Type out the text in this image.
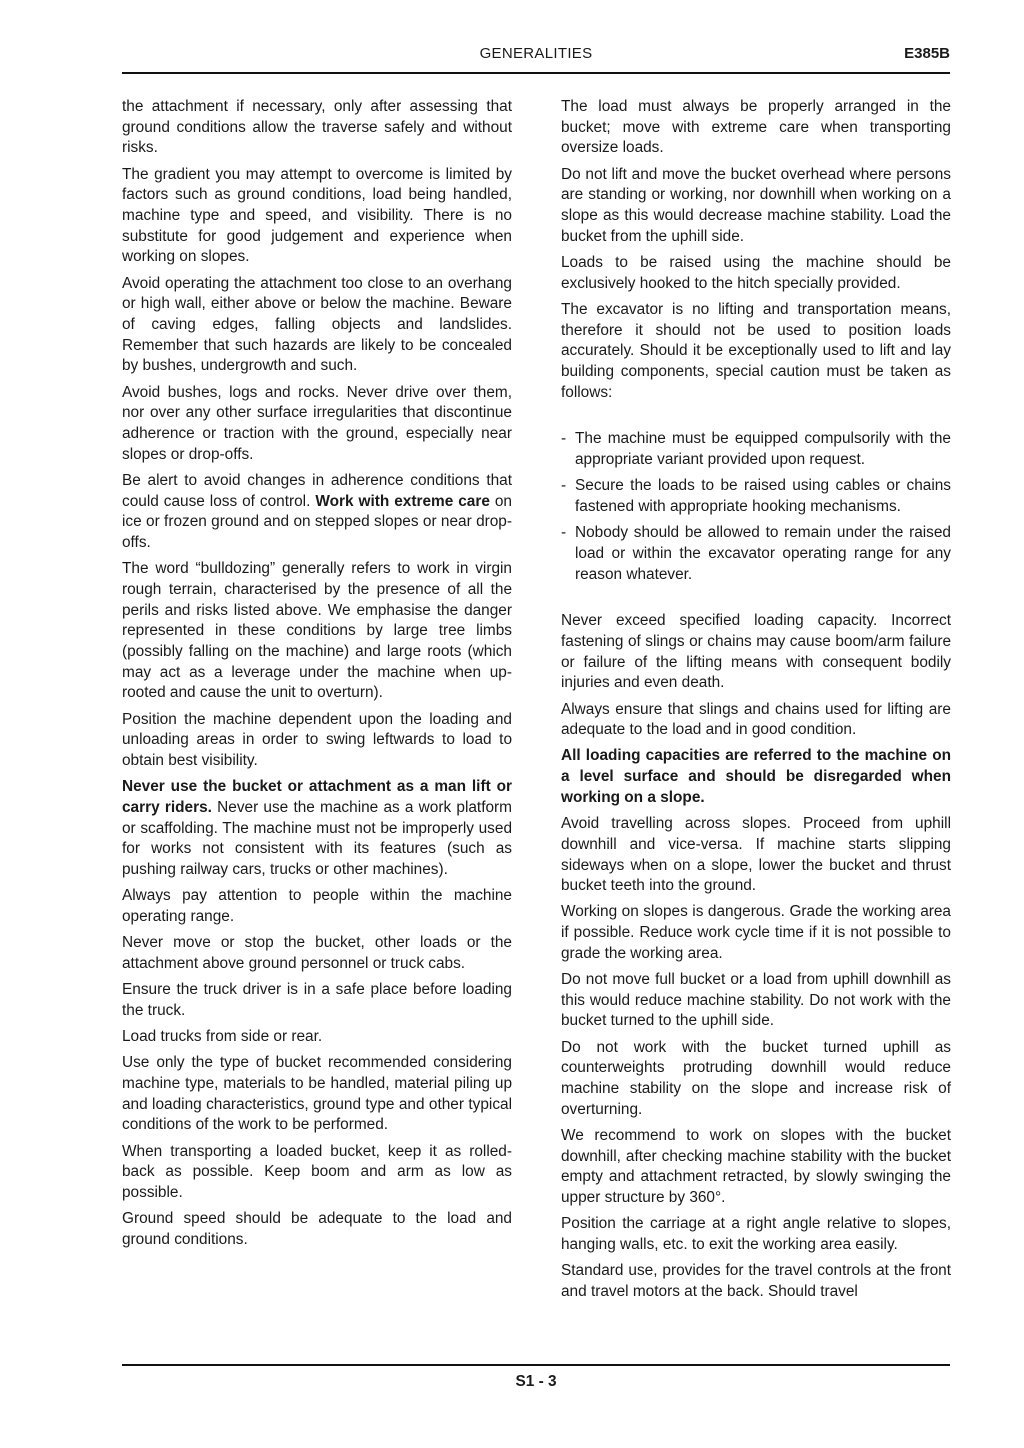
GENERALITIES	E385B

the attachment if necessary, only after assessing that ground conditions allow the traverse safely and without risks.

The gradient you may attempt to overcome is limited by factors such as ground conditions, load being handled, machine type and speed, and visibility. There is no substitute for good judgement and experience when working on slopes.

Avoid operating the attachment too close to an overhang or high wall, either above or below the machine. Beware of caving edges, falling objects and landslides. Remember that such hazards are likely to be concealed by bushes, undergrowth and such.

Avoid bushes, logs and rocks. Never drive over them, nor over any other surface irregularities that discontinue adherence or traction with the ground, especially near slopes or drop-offs.

Be alert to avoid changes in adherence conditions that could cause loss of control. Work with extreme care on ice or frozen ground and on stepped slopes or near drop-offs.

The word “bulldozing” generally refers to work in virgin rough terrain, characterised by the presence of all the perils and risks listed above. We emphasise the danger represented in these conditions by large tree limbs (possibly falling on the machine) and large roots (which may act as a leverage under the machine when up-rooted and cause the unit to overturn).

Position the machine dependent upon the loading and unloading areas in order to swing leftwards to load to obtain best visibility.

Never use the bucket or attachment as a man lift or carry riders. Never use the machine as a work platform or scaffolding. The machine must not be improperly used for works not consistent with its features (such as pushing railway cars, trucks or other machines).

Always pay attention to people within the machine operating range.

Never move or stop the bucket, other loads or the attachment above ground personnel or truck cabs.

Ensure the truck driver is in a safe place before loading the truck.

Load trucks from side or rear.

Use only the type of bucket recommended considering machine type, materials to be handled, material piling up and loading characteristics, ground type and other typical conditions of the work to be performed.

When transporting a loaded bucket, keep it as rolled-back as possible. Keep boom and arm as low as possible.

Ground speed should be adequate to the load and ground conditions.

The load must always be properly arranged in the bucket; move with extreme care when transporting oversize loads.

Do not lift and move the bucket overhead where persons are standing or working, nor downhill when working on a slope as this would decrease machine stability. Load the bucket from the uphill side.

Loads to be raised using the machine should be exclusively hooked to the hitch specially provided.

The excavator is no lifting and transportation means, therefore it should not be used to position loads accurately. Should it be exceptionally used to lift and lay building components, special caution must be taken as follows:

- The machine must be equipped compulsorily with the appropriate variant provided upon request.
- Secure the loads to be raised using cables or chains fastened with appropriate hooking mechanisms.
- Nobody should be allowed to remain under the raised load or within the excavator operating range for any reason whatever.

Never exceed specified loading capacity. Incorrect fastening of slings or chains may cause boom/arm failure or failure of the lifting means with consequent bodily injuries and even death.

Always ensure that slings and chains used for lifting are adequate to the load and in good condition.

All loading capacities are referred to the machine on a level surface and should be disregarded when working on a slope.

Avoid travelling across slopes. Proceed from uphill downhill and vice-versa. If machine starts slipping sideways when on a slope, lower the bucket and thrust bucket teeth into the ground.

Working on slopes is dangerous. Grade the working area if possible. Reduce work cycle time if it is not possible to grade the working area.

Do not move full bucket or a load from uphill downhill as this would reduce machine stability. Do not work with the bucket turned to the uphill side.

Do not work with the bucket turned uphill as counterweights protruding downhill would reduce machine stability on the slope and increase risk of overturning.

We recommend to work on slopes with the bucket downhill, after checking machine stability with the bucket empty and attachment retracted, by slowly swinging the upper structure by 360°.

Position the carriage at a right angle relative to slopes, hanging walls, etc. to exit the working area easily.

Standard use, provides for the travel controls at the front and travel motors at the back. Should travel

S1 - 3
